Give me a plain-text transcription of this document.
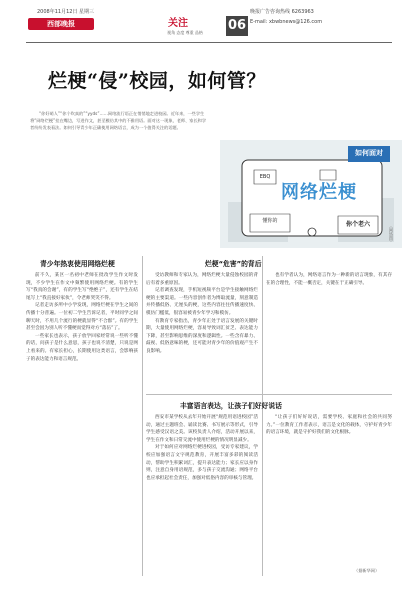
西部晚报
2008年11月12日 星期三
关注
视角 态度 尊重 品格	06
晚报广告咨询热线 6263963
E-mail: xbwbnews@126.com
烂梗“侵”校园，如何管？
“你好萌人”“你个吹真的”“yyds”……网络流行语正在悄悄地走进校园。近年来，一些学生将“网络烂梗”挂在嘴边，写进作文，甚至模仿其中的不雅用语。面对这一现象，老师、家长和学者纷纷发表看法。如何引导青少年正确使用网络语言，成为一个值得关注的话题。
如何面对
网络烂梗
懂你的
EBQ
你个老六	（网络图）
青少年热衷使用网络烂梗

前不久，某区一名初中老师在批改学生作文时发现，不少学生在作文中频繁使用网络烂梗。有的学生写“我真的会谢”，有的学生写“绝绝子”，还有学生在结尾写上“我直接好家伙”，令老师哭笑不得。

记者走访多所中小学发现，网络烂梗在学生之间的传播十分普遍。一位初二学生告诉记者，平时同学之间聊天时，不用几个流行的梗就显得“不合群”。有的学生甚至会因为别人听不懂梗而觉得对方“落伍”了。

一些家长也表示，孩子放学回家经常说一些听不懂的话，问孩子是什么意思，孩子也说不清楚，只说是网上看来的。有家长担心，长期使用这类语言，会影响孩子的表达能力和语言规范。

烂梗“危害”的背后

受访教师和专家认为，网络烂梗大量侵蚀校园的背后有着多重原因。

记者调查发现，手机短视频平台是学生接触网络烂梗的主要渠道。一些内容创作者为博取流量，刻意制造并传播低俗、无厘头的梗，这些内容往往传播速度快、模仿门槛低，很容易被青少年学习和模仿。

有教育专家指出，青少年正处于语言发展的关键时期，大量使用网络烂梗，容易导致词汇贫乏、表达能力下降，甚至影响思维的深度和逻辑性。一些含有暴力、歧视、低俗意味的梗，还可能对青少年的价值观产生不良影响。

也有学者认为，网络语言作为一种新的语言现象，有其存在的合理性，不能一概否定，关键在于正确引导。

丰富语言表达，让孩子们好好说话

西安市某学校从去年开始开展“规范用语进校园”活动，通过主题班会、诵读比赛、书写展示等形式，引导学生感受汉语之美。该校负责人介绍，活动开展以来，学生在作文和日常交流中使用烂梗的情况明显减少。

对于如何应对网络烂梗进校园，受访专家建议，学校应加强语言文字规范教育，开展丰富多彩的阅读活动，帮助学生积累词汇，提升表达能力；家长应以身作则，注意自身用语规范，多与孩子交流沟通；网络平台也应承担起社会责任，加强对低俗内容的审核与管理。

“让孩子们好好说话，需要学校、家庭和社会的共同努力。”一位教育工作者表示，语言是文化的载体，守护好青少年的语言环境，就是守护好我们的文化根脉。

（据新华网）
